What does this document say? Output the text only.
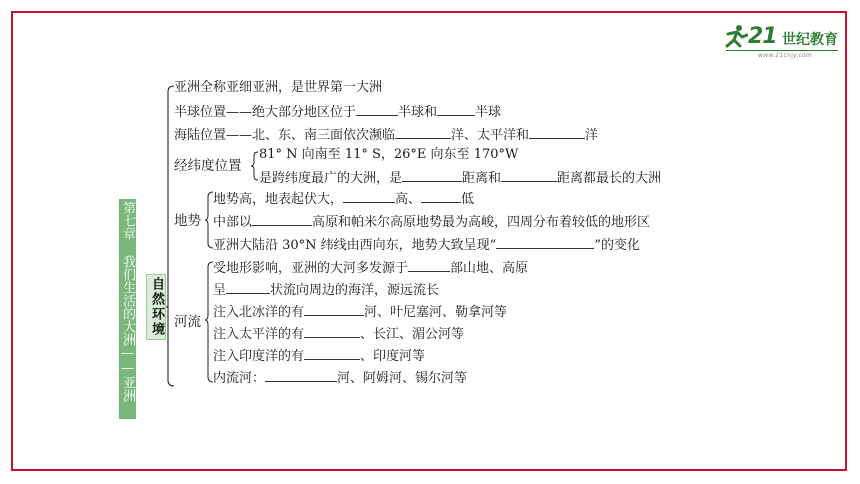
21 世纪教育
www.21cnjy.com
第七章 我们生活的大洲——亚洲 自然环境
亚洲全称亚细亚洲，是世界第一大洲
半球位置——绝大部分地区位于	半球和	半球
海陆位置——北、东、南三面依次濒临	洋、太平洋和	洋
经纬度位置
81° N 向南至 11° S，26°E 向东至 170°W
是跨纬度最广的大洲，是	距离和	距离都最长的大洲
地势
地势高，地表起伏大，	高、	低
中部以	高原和帕米尔高原地势最为高峻，四周分布着较低的地形区
亚洲大陆沿 30°N 纬线由西向东，地势大致呈现“	”的变化
河流
受地形影响，亚洲的大河多发源于	部山地、高原
呈	状流向周边的海洋，源远流长
注入北冰洋的有	河、叶尼塞河、勒拿河等
注入太平洋的有	、长江、湄公河等
注入印度洋的有	、印度河等
内流河：	河、阿姆河、锡尔河等
